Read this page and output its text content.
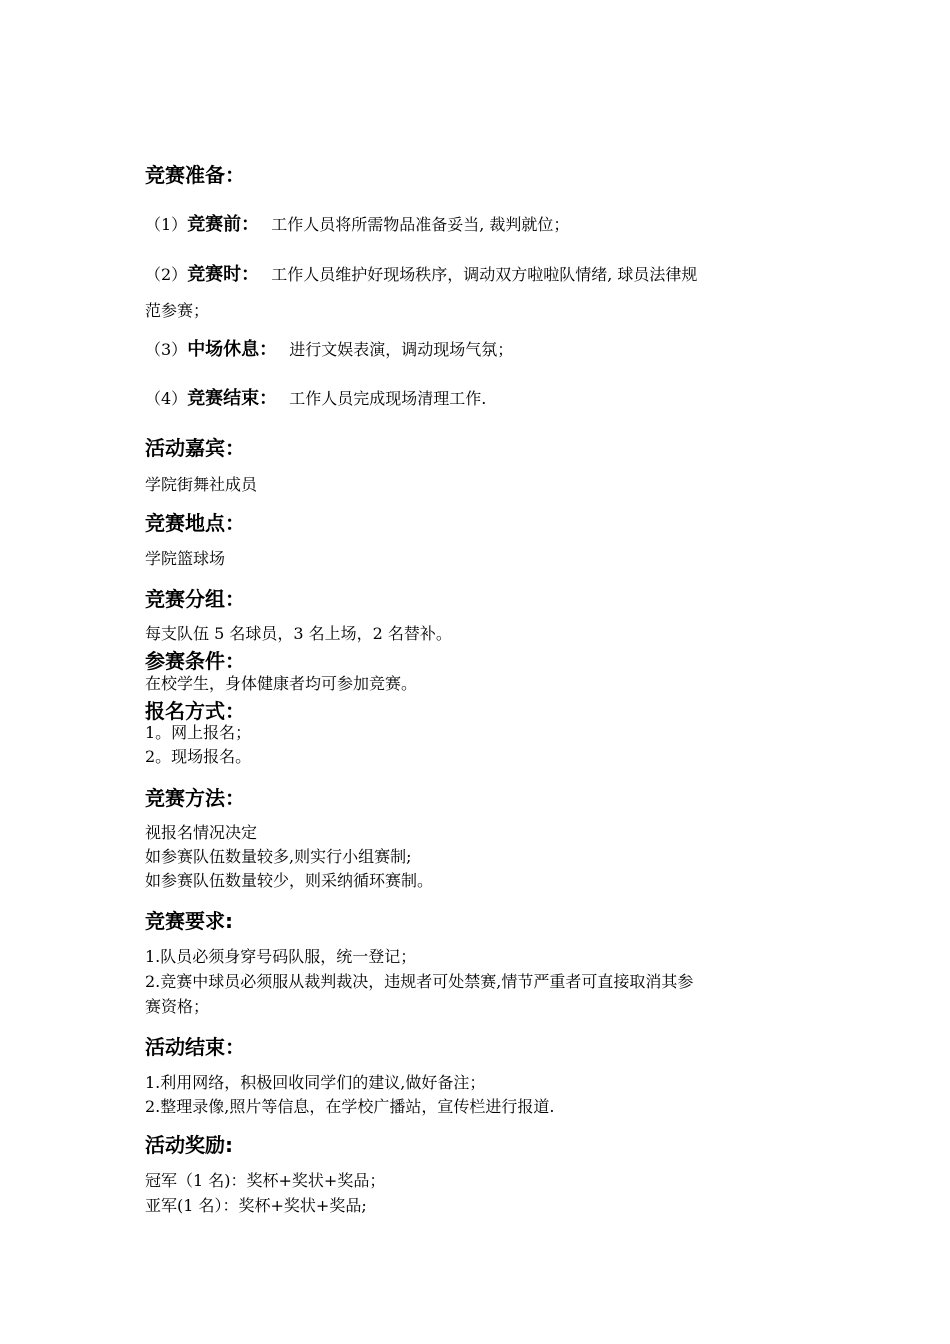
竞赛准备：

（1）竞赛前： 工作人员将所需物品准备妥当, 裁判就位；

（2）竞赛时： 工作人员维护好现场秩序，调动双方啦啦队情绪, 球员法律规

范参赛；

（3）中场休息： 进行文娱表演，调动现场气氛；

（4）竞赛结束： 工作人员完成现场清理工作.

活动嘉宾：

学院街舞社成员

竞赛地点：

学院篮球场

竞赛分组：

每支队伍 5 名球员，3 名上场，2 名替补。

参赛条件：

在校学生，身体健康者均可参加竞赛。

报名方式：

1。网上报名；

2。现场报名。

竞赛方法：

视报名情况决定

如参赛队伍数量较多,则实行小组赛制;

如参赛队伍数量较少，则采纳循环赛制。

竞赛要求:

1.队员必须身穿号码队服，统一登记；

2.竞赛中球员必须服从裁判裁决，违规者可处禁赛,情节严重者可直接取消其参

赛资格；

活动结束：

1.利用网络，积极回收同学们的建议,做好备注；

2.整理录像,照片等信息，在学校广播站，宣传栏进行报道.

活动奖励:

冠军（1 名)：奖杯+奖状+奖品；

亚军(1 名）：奖杯+奖状+奖品;
